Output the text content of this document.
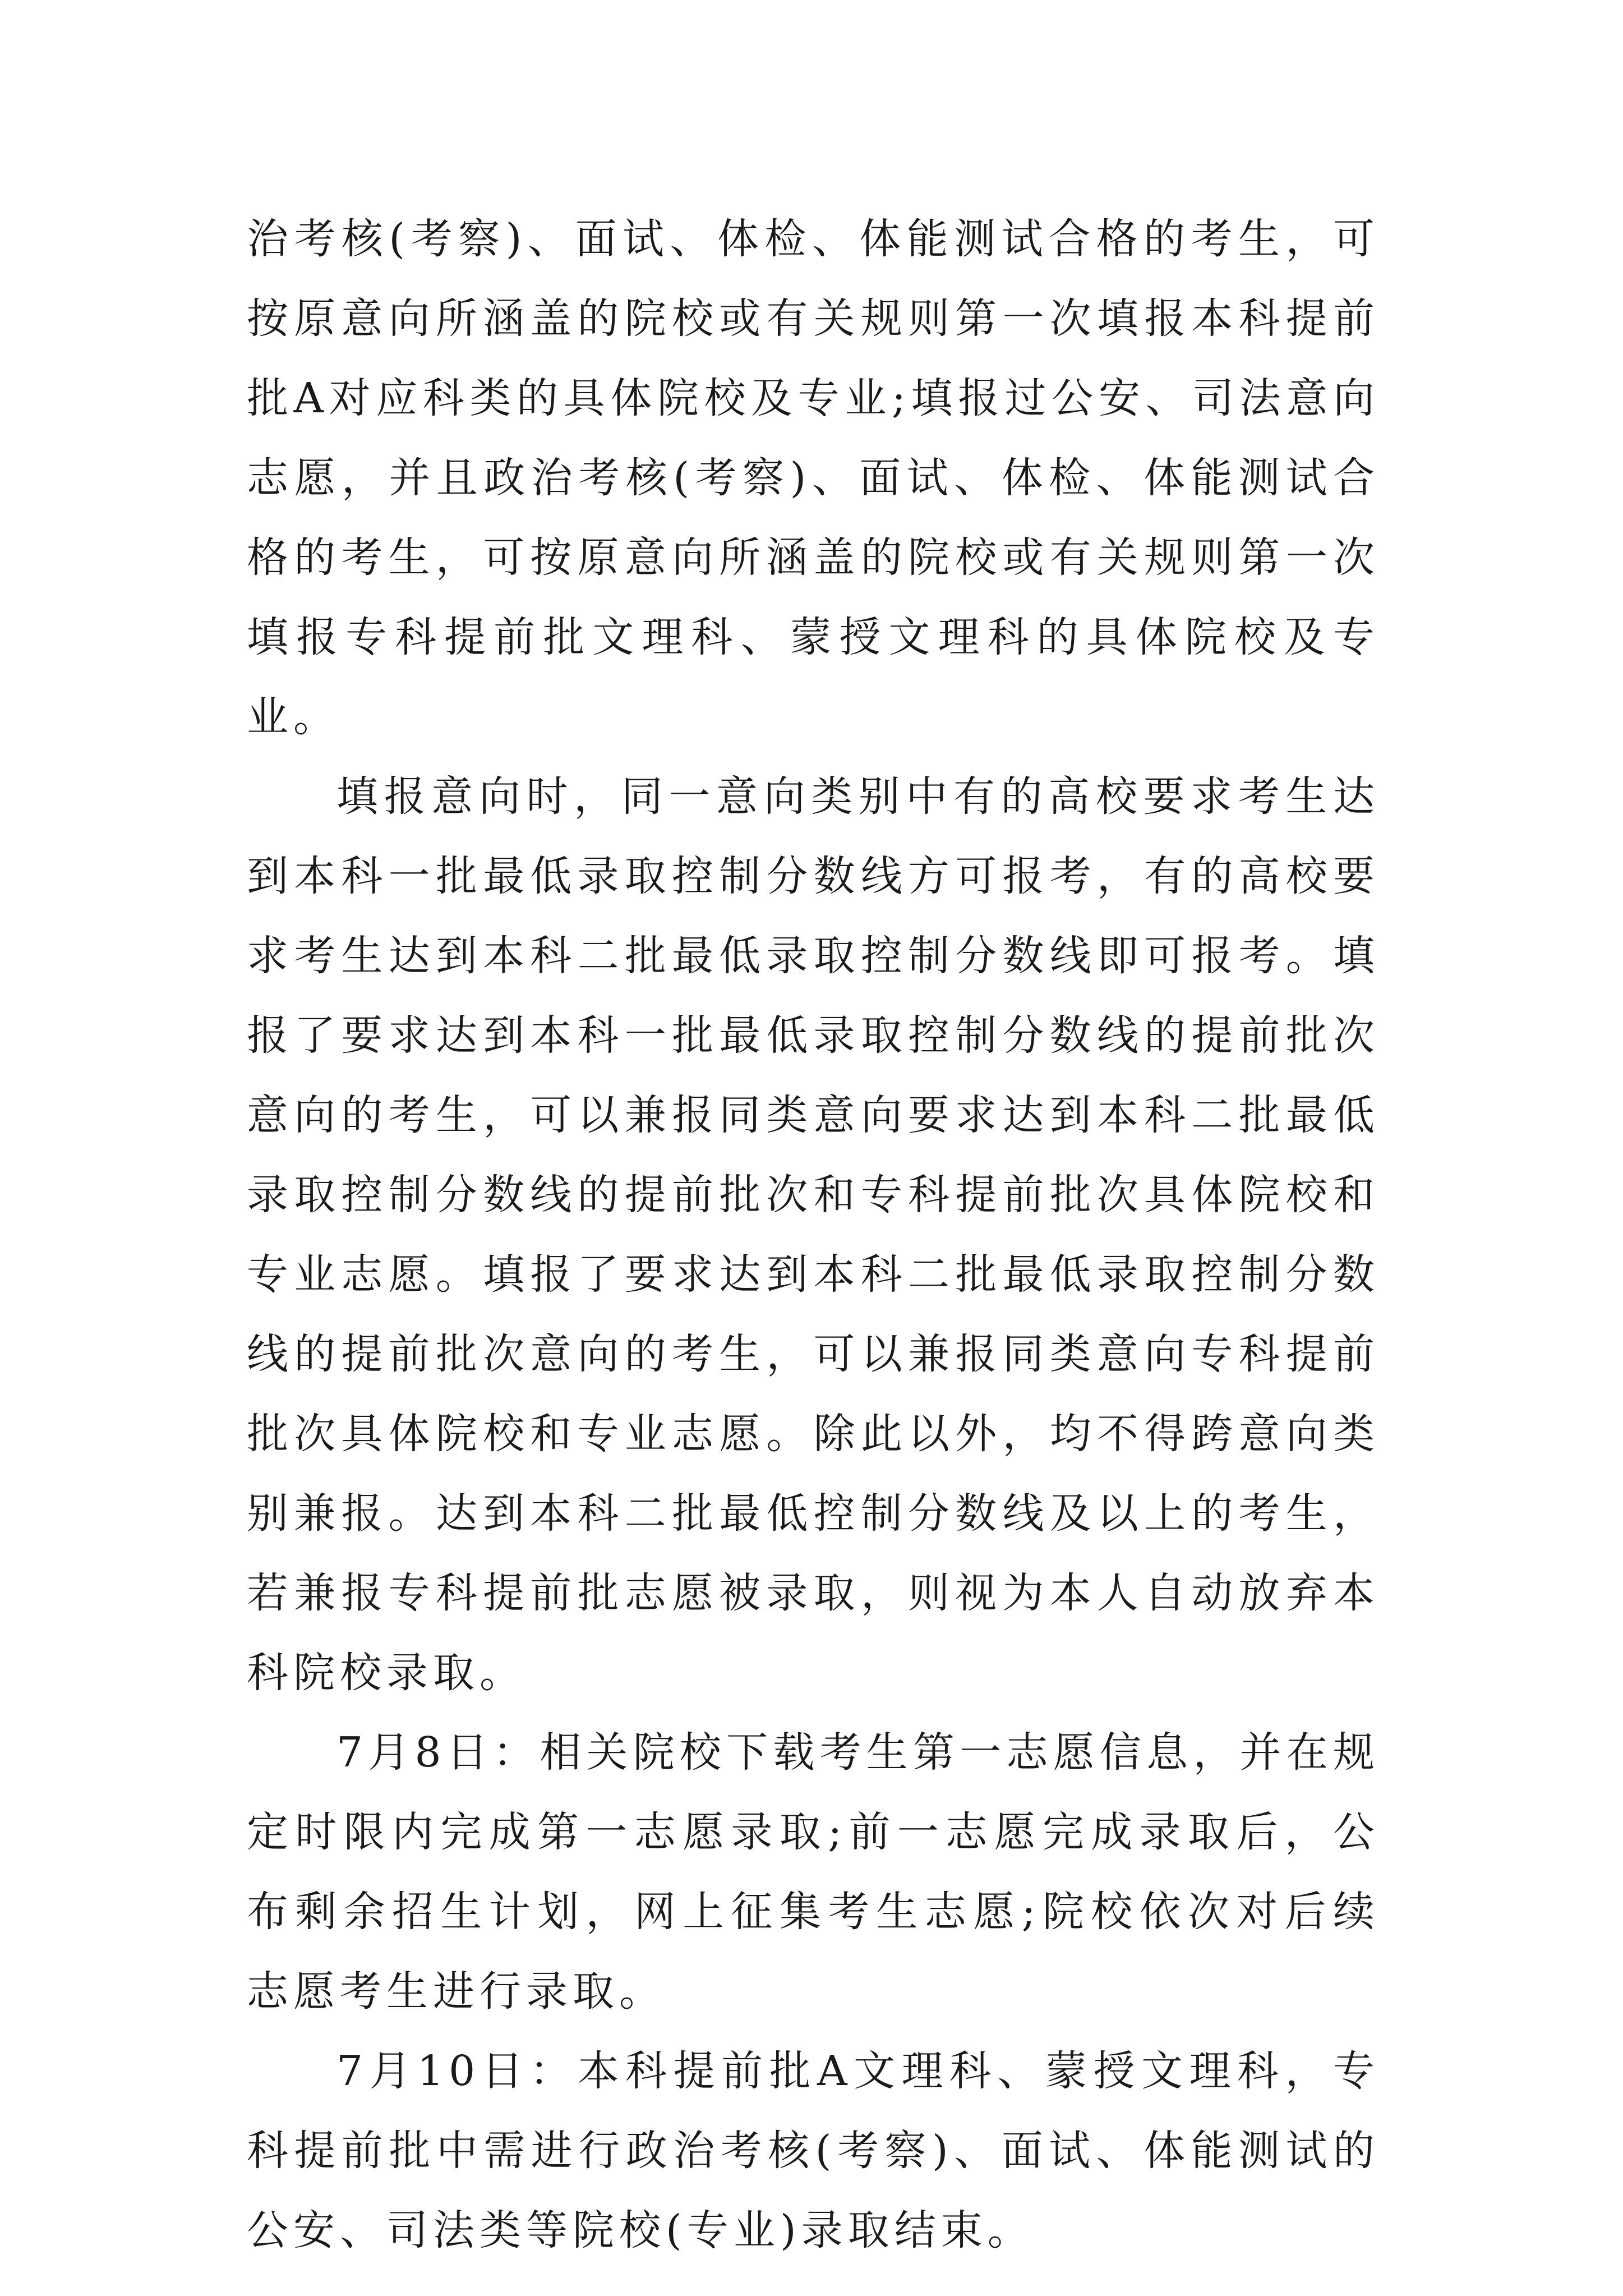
治考核(考察)、面试、体检、体能测试合格的考生，可按原意向所涵盖的院校或有关规则第一次填报本科提前批A对应科类的具体院校及专业;填报过公安、司法意向志愿，并且政治考核(考察)、面试、体检、体能测试合格的考生，可按原意向所涵盖的院校或有关规则第一次填报专科提前批文理科、蒙授文理科的具体院校及专业。

填报意向时，同一意向类别中有的高校要求考生达到本科一批最低录取控制分数线方可报考，有的高校要求考生达到本科二批最低录取控制分数线即可报考。填报了要求达到本科一批最低录取控制分数线的提前批次意向的考生，可以兼报同类意向要求达到本科二批最低录取控制分数线的提前批次和专科提前批次具体院校和专业志愿。填报了要求达到本科二批最低录取控制分数线的提前批次意向的考生，可以兼报同类意向专科提前批次具体院校和专业志愿。除此以外，均不得跨意向类别兼报。达到本科二批最低控制分数线及以上的考生，若兼报专科提前批志愿被录取，则视为本人自动放弃本科院校录取。

7月8日：相关院校下载考生第一志愿信息，并在规定时限内完成第一志愿录取;前一志愿完成录取后，公布剩余招生计划，网上征集考生志愿;院校依次对后续志愿考生进行录取。

7月10日：本科提前批A文理科、蒙授文理科，专科提前批中需进行政治考核(考察)、面试、体能测试的公安、司法类等院校(专业)录取结束。
